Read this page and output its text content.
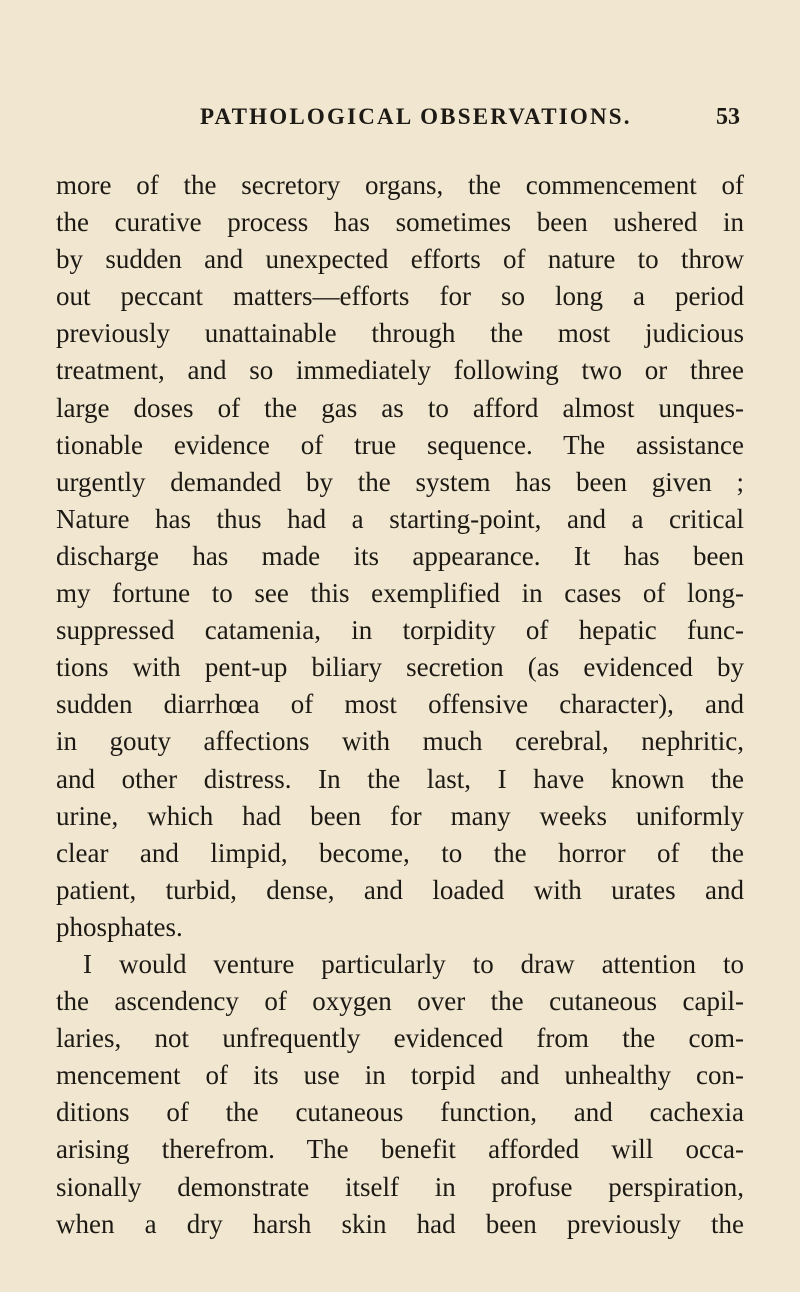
PATHOLOGICAL OBSERVATIONS.	53
more of the secretory organs, the commencement of
the curative process has sometimes been ushered in
by sudden and unexpected efforts of nature to throw
out peccant matters—efforts for so long a period
previously unattainable through the most judicious
treatment, and so immediately following two or three
large doses of the gas as to afford almost unques-
tionable evidence of true sequence. The assistance
urgently demanded by the system has been given ;
Nature has thus had a starting-point, and a critical
discharge has made its appearance. It has been
my fortune to see this exemplified in cases of long-
suppressed catamenia, in torpidity of hepatic func-
tions with pent-up biliary secretion (as evidenced by
sudden diarrhœa of most offensive character), and
in gouty affections with much cerebral, nephritic,
and other distress. In the last, I have known the
urine, which had been for many weeks uniformly
clear and limpid, become, to the horror of the
patient, turbid, dense, and loaded with urates and
phosphates.
I would venture particularly to draw attention to
the ascendency of oxygen over the cutaneous capil-
laries, not unfrequently evidenced from the com-
mencement of its use in torpid and unhealthy con-
ditions of the cutaneous function, and cachexia
arising therefrom. The benefit afforded will occa-
sionally demonstrate itself in profuse perspiration,
when a dry harsh skin had been previously the
